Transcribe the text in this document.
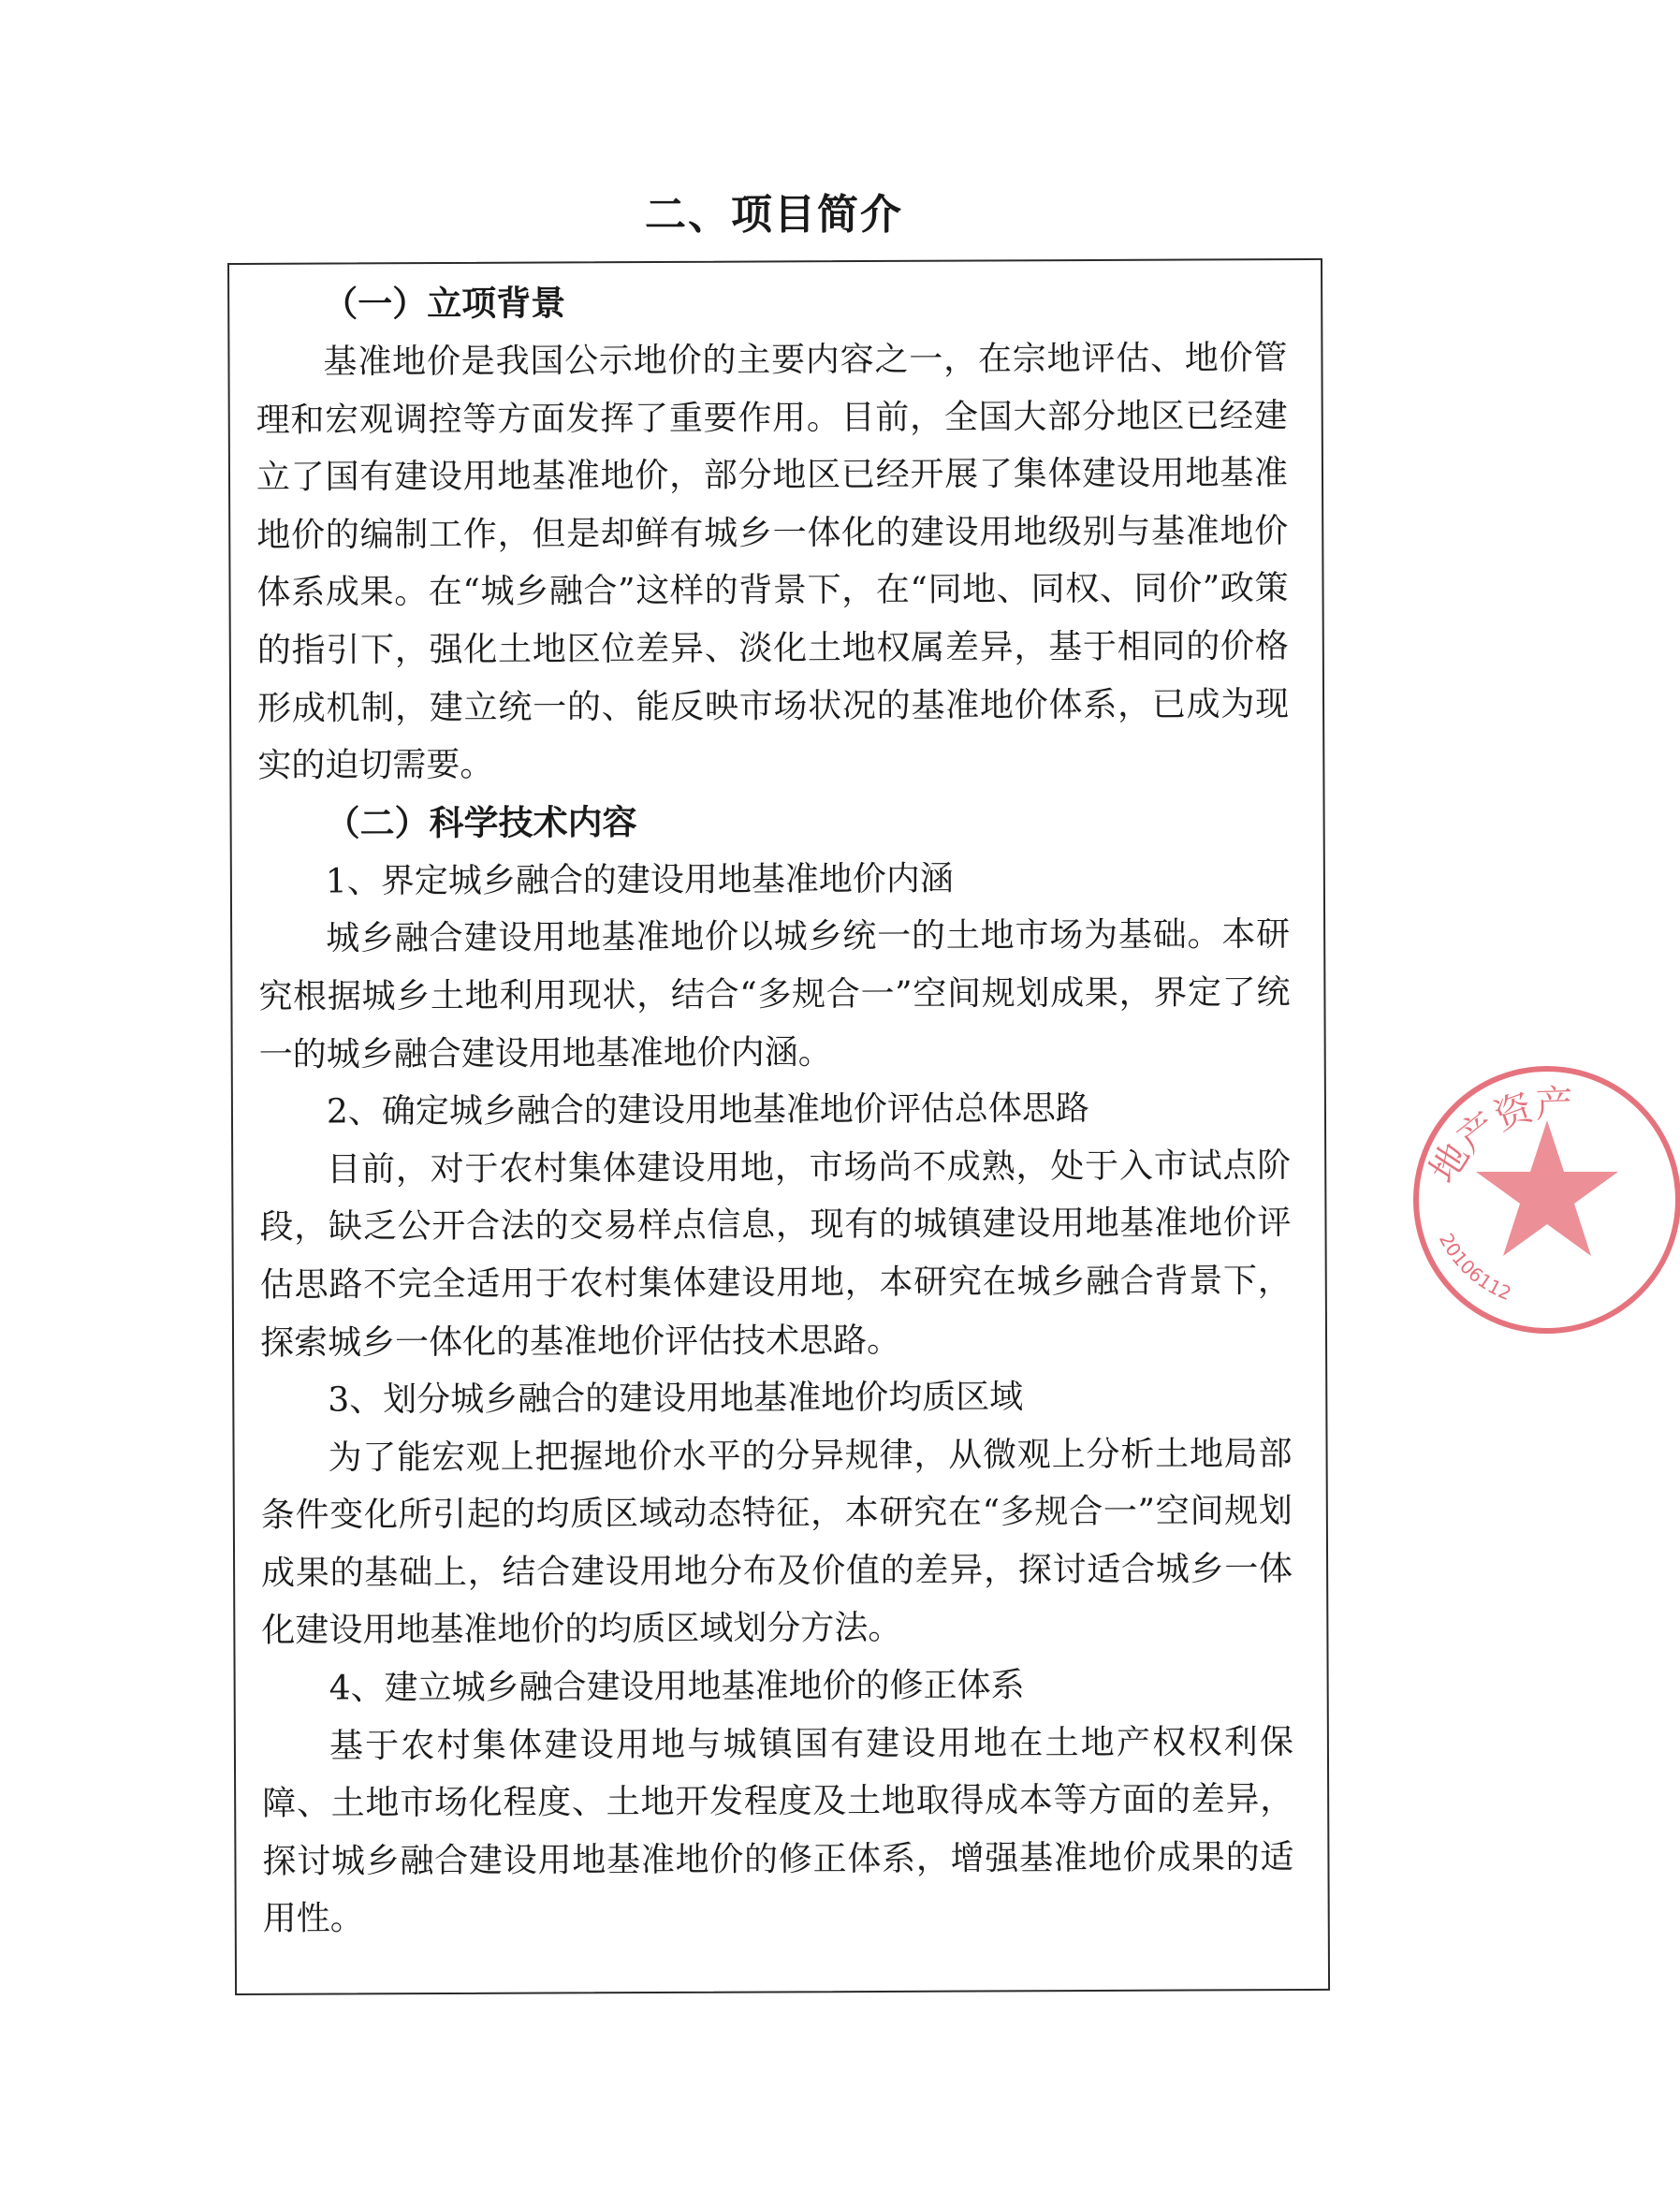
二、项目简介
（一）立项背景

基准地价是我国公示地价的主要内容之一，在宗地评估、地价管理和宏观调控等方面发挥了重要作用。目前，全国大部分地区已经建立了国有建设用地基准地价，部分地区已经开展了集体建设用地基准地价的编制工作，但是却鲜有城乡一体化的建设用地级别与基准地价体系成果。在“城乡融合”这样的背景下，在“同地、同权、同价”政策的指引下，强化土地区位差异、淡化土地权属差异，基于相同的价格形成机制，建立统一的、能反映市场状况的基准地价体系，已成为现实的迫切需要。

（二）科学技术内容
1、界定城乡融合的建设用地基准地价内涵

城乡融合建设用地基准地价以城乡统一的土地市场为基础。本研究根据城乡土地利用现状，结合“多规合一”空间规划成果，界定了统一的城乡融合建设用地基准地价内涵。

2、确定城乡融合的建设用地基准地价评估总体思路

目前，对于农村集体建设用地，市场尚不成熟，处于入市试点阶段，缺乏公开合法的交易样点信息，现有的城镇建设用地基准地价评估思路不完全适用于农村集体建设用地，本研究在城乡融合背景下，探索城乡一体化的基准地价评估技术思路。

3、划分城乡融合的建设用地基准地价均质区域

为了能宏观上把握地价水平的分异规律，从微观上分析土地局部条件变化所引起的均质区域动态特征，本研究在“多规合一”空间规划成果的基础上，结合建设用地分布及价值的差异，探讨适合城乡一体化建设用地基准地价的均质区域划分方法。

4、建立城乡融合建设用地基准地价的修正体系

基于农村集体建设用地与城镇国有建设用地在土地产权权利保障、土地市场化程度、土地开发程度及土地取得成本等方面的差异，探讨城乡融合建设用地基准地价的修正体系，增强基准地价成果的适用性。

地产资产
20106112
